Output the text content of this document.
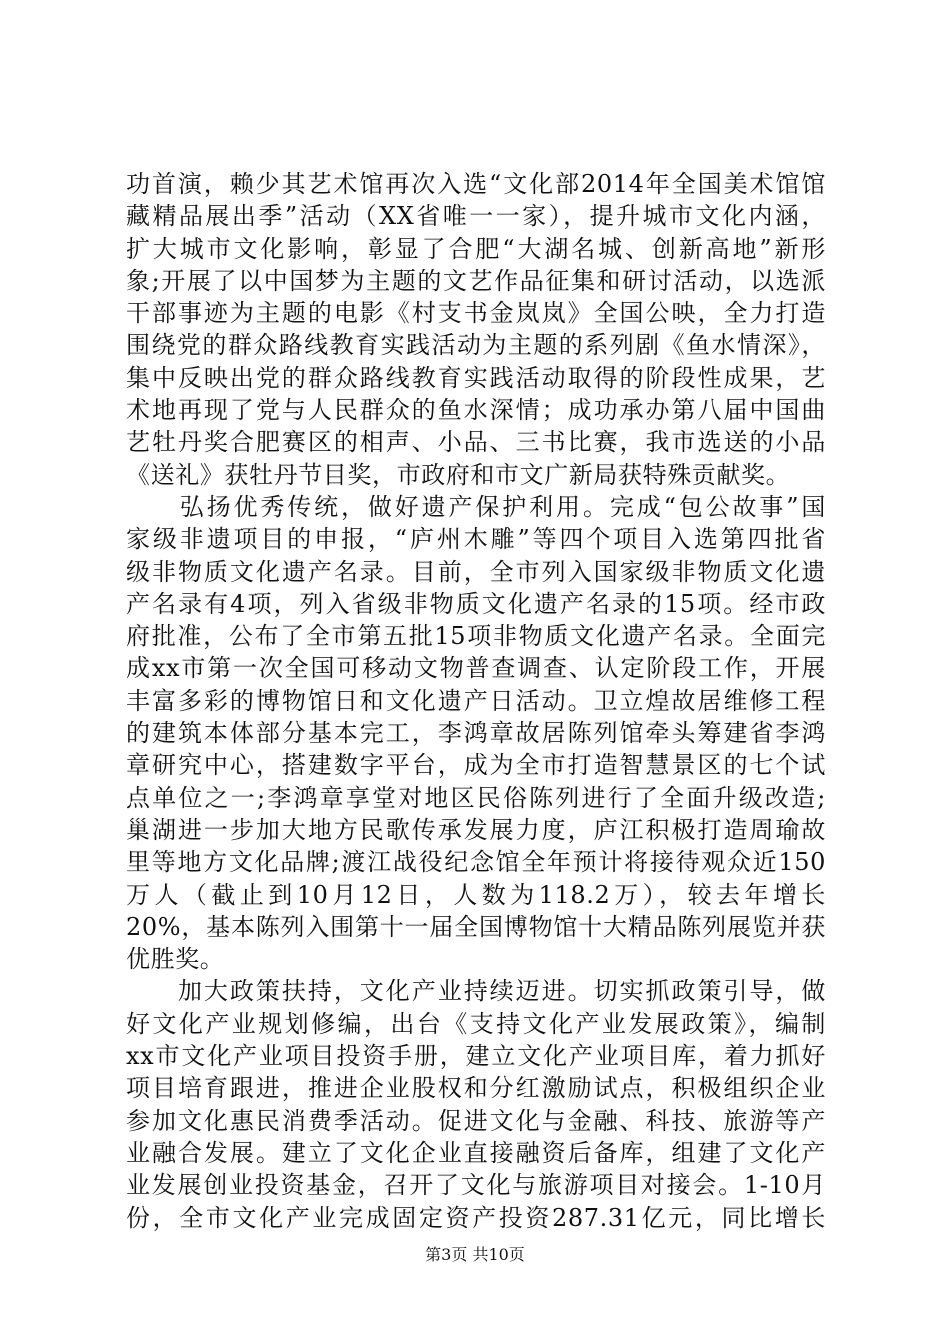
功首演，赖少其艺术馆再次入选“文化部2014年全国美术馆馆
藏精品展出季”活动（XX省唯一一家），提升城市文化内涵，
扩大城市文化影响，彰显了合肥“大湖名城、创新高地”新形
象;开展了以中国梦为主题的文艺作品征集和研讨活动，以选派
干部事迹为主题的电影《村支书金岚岚》全国公映，全力打造
围绕党的群众路线教育实践活动为主题的系列剧《鱼水情深》，
集中反映出党的群众路线教育实践活动取得的阶段性成果，艺
术地再现了党与人民群众的鱼水深情；成功承办第八届中国曲
艺牡丹奖合肥赛区的相声、小品、三书比赛，我市选送的小品
《送礼》获牡丹节目奖，市政府和市文广新局获特殊贡献奖。
　　弘扬优秀传统，做好遗产保护利用。完成“包公故事”国
家级非遗项目的申报，“庐州木雕”等四个项目入选第四批省
级非物质文化遗产名录。目前，全市列入国家级非物质文化遗
产名录有4项，列入省级非物质文化遗产名录的15项。经市政
府批准，公布了全市第五批15项非物质文化遗产名录。全面完
成xx市第一次全国可移动文物普查调查、认定阶段工作，开展
丰富多彩的博物馆日和文化遗产日活动。卫立煌故居维修工程
的建筑本体部分基本完工，李鸿章故居陈列馆牵头筹建省李鸿
章研究中心，搭建数字平台，成为全市打造智慧景区的七个试
点单位之一;李鸿章享堂对地区民俗陈列进行了全面升级改造;
巢湖进一步加大地方民歌传承发展力度，庐江积极打造周瑜故
里等地方文化品牌;渡江战役纪念馆全年预计将接待观众近150
万人（截止到10月12日，人数为118.2万），较去年增长
20%，基本陈列入围第十一届全国博物馆十大精品陈列展览并获
优胜奖。
　　加大政策扶持，文化产业持续迈进。切实抓政策引导，做
好文化产业规划修编，出台《支持文化产业发展政策》，编制
xx市文化产业项目投资手册，建立文化产业项目库，着力抓好
项目培育跟进，推进企业股权和分红激励试点，积极组织企业
参加文化惠民消费季活动。促进文化与金融、科技、旅游等产
业融合发展。建立了文化企业直接融资后备库，组建了文化产
业发展创业投资基金，召开了文化与旅游项目对接会。1-10月
份，全市文化产业完成固定资产投资287.31亿元，同比增长
第3页 共10页
